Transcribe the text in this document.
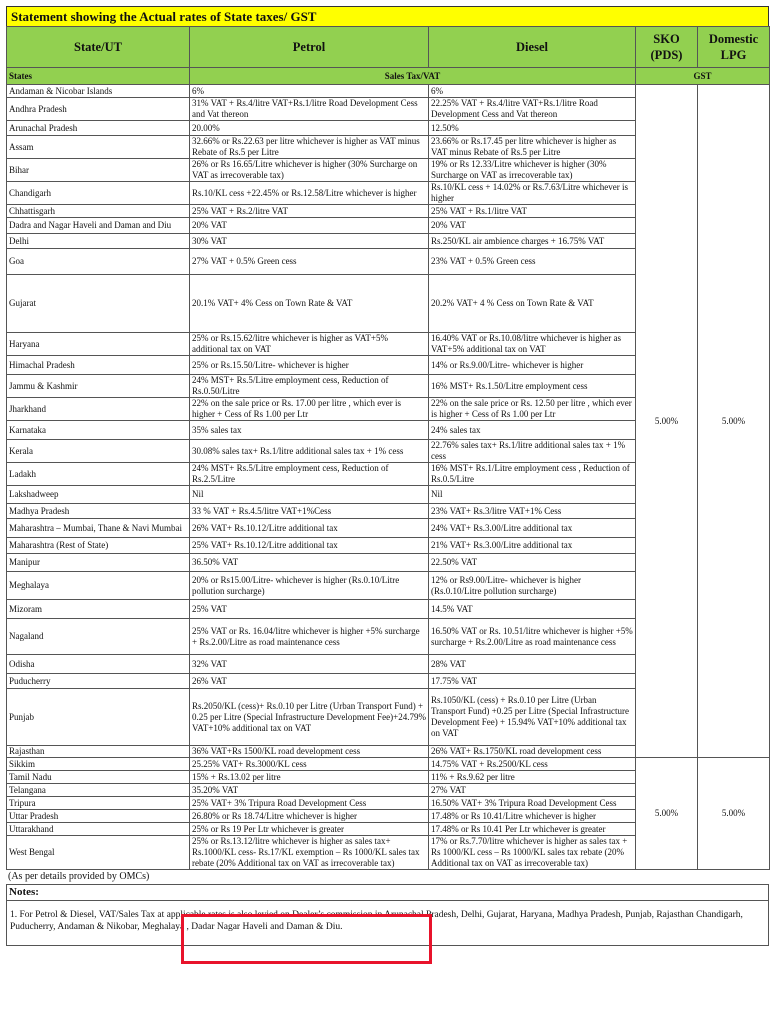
Statement showing the Actual rates of State taxes/ GST
State/UT	Petrol	Diesel	SKO (PDS)	Domestic LPG
States	Sales Tax/VAT		GST	
Andaman & Nicobar Islands	6%	6%	5.00%	5.00%
Andhra Pradesh	31% VAT + Rs.4/litre VAT+Rs.1/litre Road Development Cess and Vat thereon	22.25% VAT + Rs.4/litre VAT+Rs.1/litre Road Development Cess and Vat thereon		
Arunachal Pradesh	20.00%	12.50%		
Assam	32.66% or Rs.22.63 per litre whichever is higher as VAT minus Rebate of Rs.5 per Litre	23.66% or Rs.17.45 per litre whichever is higher as VAT minus Rebate of Rs.5 per Litre		
Bihar	26% or Rs 16.65/Litre whichever is higher (30% Surcharge on VAT as irrecoverable tax)	19% or Rs 12.33/Litre whichever is higher (30% Surcharge on VAT as irrecoverable tax)		
Chandigarh	Rs.10/KL cess +22.45% or Rs.12.58/Litre whichever is higher	Rs.10/KL cess + 14.02% or Rs.7.63/Litre whichever is higher		
Chhattisgarh	25% VAT + Rs.2/litre VAT	25% VAT + Rs.1/litre VAT		
Dadra and Nagar Haveli and Daman and Diu	20% VAT	20% VAT		
Delhi	30% VAT	Rs.250/KL air ambience charges + 16.75% VAT		
Goa	27% VAT + 0.5% Green cess	23% VAT + 0.5% Green cess		
Gujarat	20.1% VAT+ 4% Cess on Town Rate & VAT	20.2% VAT+ 4 % Cess on Town Rate & VAT		
Haryana	25% or Rs.15.62/litre whichever is higher as VAT+5% additional tax on VAT	16.40% VAT or Rs.10.08/litre whichever is higher as VAT+5% additional tax on VAT		
Himachal Pradesh	25% or Rs.15.50/Litre- whichever is higher	14% or Rs.9.00/Litre- whichever is higher		
Jammu & Kashmir	24% MST+ Rs.5/Litre employment cess, Reduction of Rs.0.50/Litre	16% MST+ Rs.1.50/Litre employment cess		
Jharkhand	22% on the sale price or Rs. 17.00 per litre , which ever is higher + Cess of Rs 1.00 per Ltr	22% on the sale price or Rs. 12.50 per litre , which ever is higher + Cess of Rs 1.00 per Ltr		
Karnataka	35% sales tax	24% sales tax		
Kerala	30.08% sales tax+ Rs.1/litre additional sales tax + 1% cess	22.76% sales tax+ Rs.1/litre additional sales tax + 1% cess		
Ladakh	24% MST+ Rs.5/Litre employment cess, Reduction of Rs.2.5/Litre	16% MST+ Rs.1/Litre employment cess , Reduction of Rs.0.5/Litre		
Lakshadweep	Nil	Nil		
Madhya Pradesh	33 % VAT + Rs.4.5/litre VAT+1%Cess	23% VAT+ Rs.3/litre VAT+1% Cess		
Maharashtra – Mumbai, Thane & Navi Mumbai	26% VAT+ Rs.10.12/Litre additional tax	24% VAT+ Rs.3.00/Litre additional tax		
Maharashtra (Rest of State)	25% VAT+ Rs.10.12/Litre additional tax	21% VAT+ Rs.3.00/Litre additional tax		
Manipur	36.50% VAT	22.50% VAT		
Meghalaya	20% or Rs15.00/Litre- whichever is higher (Rs.0.10/Litre pollution surcharge)	12% or Rs9.00/Litre- whichever is higher (Rs.0.10/Litre pollution surcharge)		
Mizoram	25% VAT	14.5% VAT		
Nagaland	25% VAT or Rs. 16.04/litre whichever is higher +5% surcharge + Rs.2.00/Litre as road maintenance cess	16.50% VAT or Rs. 10.51/litre whichever is higher +5% surcharge + Rs.2.00/Litre as road maintenance cess		
Odisha	32% VAT	28% VAT		
Puducherry	26% VAT	17.75% VAT		
Punjab	Rs.2050/KL (cess)+ Rs.0.10 per Litre (Urban Transport Fund) + 0.25 per Litre (Special Infrastructure Development Fee)+24.79% VAT+10% additional tax on VAT	Rs.1050/KL (cess) + Rs.0.10 per Litre (Urban Transport Fund) +0.25 per Litre (Special Infrastructure Development Fee) + 15.94% VAT+10% additional tax on VAT		
Rajasthan	36% VAT+Rs 1500/KL road development cess	26% VAT+ Rs.1750/KL road development cess		
Sikkim	25.25% VAT+ Rs.3000/KL cess	14.75% VAT + Rs.2500/KL cess	5.00%	5.00%
Tamil Nadu	15% + Rs.13.02 per litre	11% + Rs.9.62 per litre		
Telangana	35.20% VAT	27% VAT		
Tripura	25% VAT+ 3% Tripura Road Development Cess	16.50% VAT+ 3% Tripura Road Development Cess		
Uttar Pradesh	26.80% or Rs 18.74/Litre whichever is higher	17.48% or Rs 10.41/Litre whichever is higher		
Uttarakhand	25% or Rs 19 Per Ltr whichever is greater	17.48% or Rs 10.41 Per Ltr whichever is greater		
West Bengal	25% or Rs.13.12/litre whichever is higher as sales tax+ Rs.1000/KL cess- Rs.17/KL exemption – Rs 1000/KL sales tax rebate (20% Additional tax on VAT as irrecoverable tax)	17% or Rs.7.70/litre whichever is higher as sales tax + Rs 1000/KL cess – Rs 1000/KL sales tax rebate (20% Additional tax on VAT as irrecoverable tax)		
(As per details provided by OMCs)
Notes:
1. For Petrol & Diesel, VAT/Sales Tax at applicable rates is also levied on Dealer’s commission in Arunachal Pradesh, Delhi, Gujarat, Haryana, Madhya Pradesh, Punjab, Rajasthan Chandigarh, Puducherry, Andaman & Nikobar, Meghalaya , Dadar Nagar Haveli and Daman & Diu.
